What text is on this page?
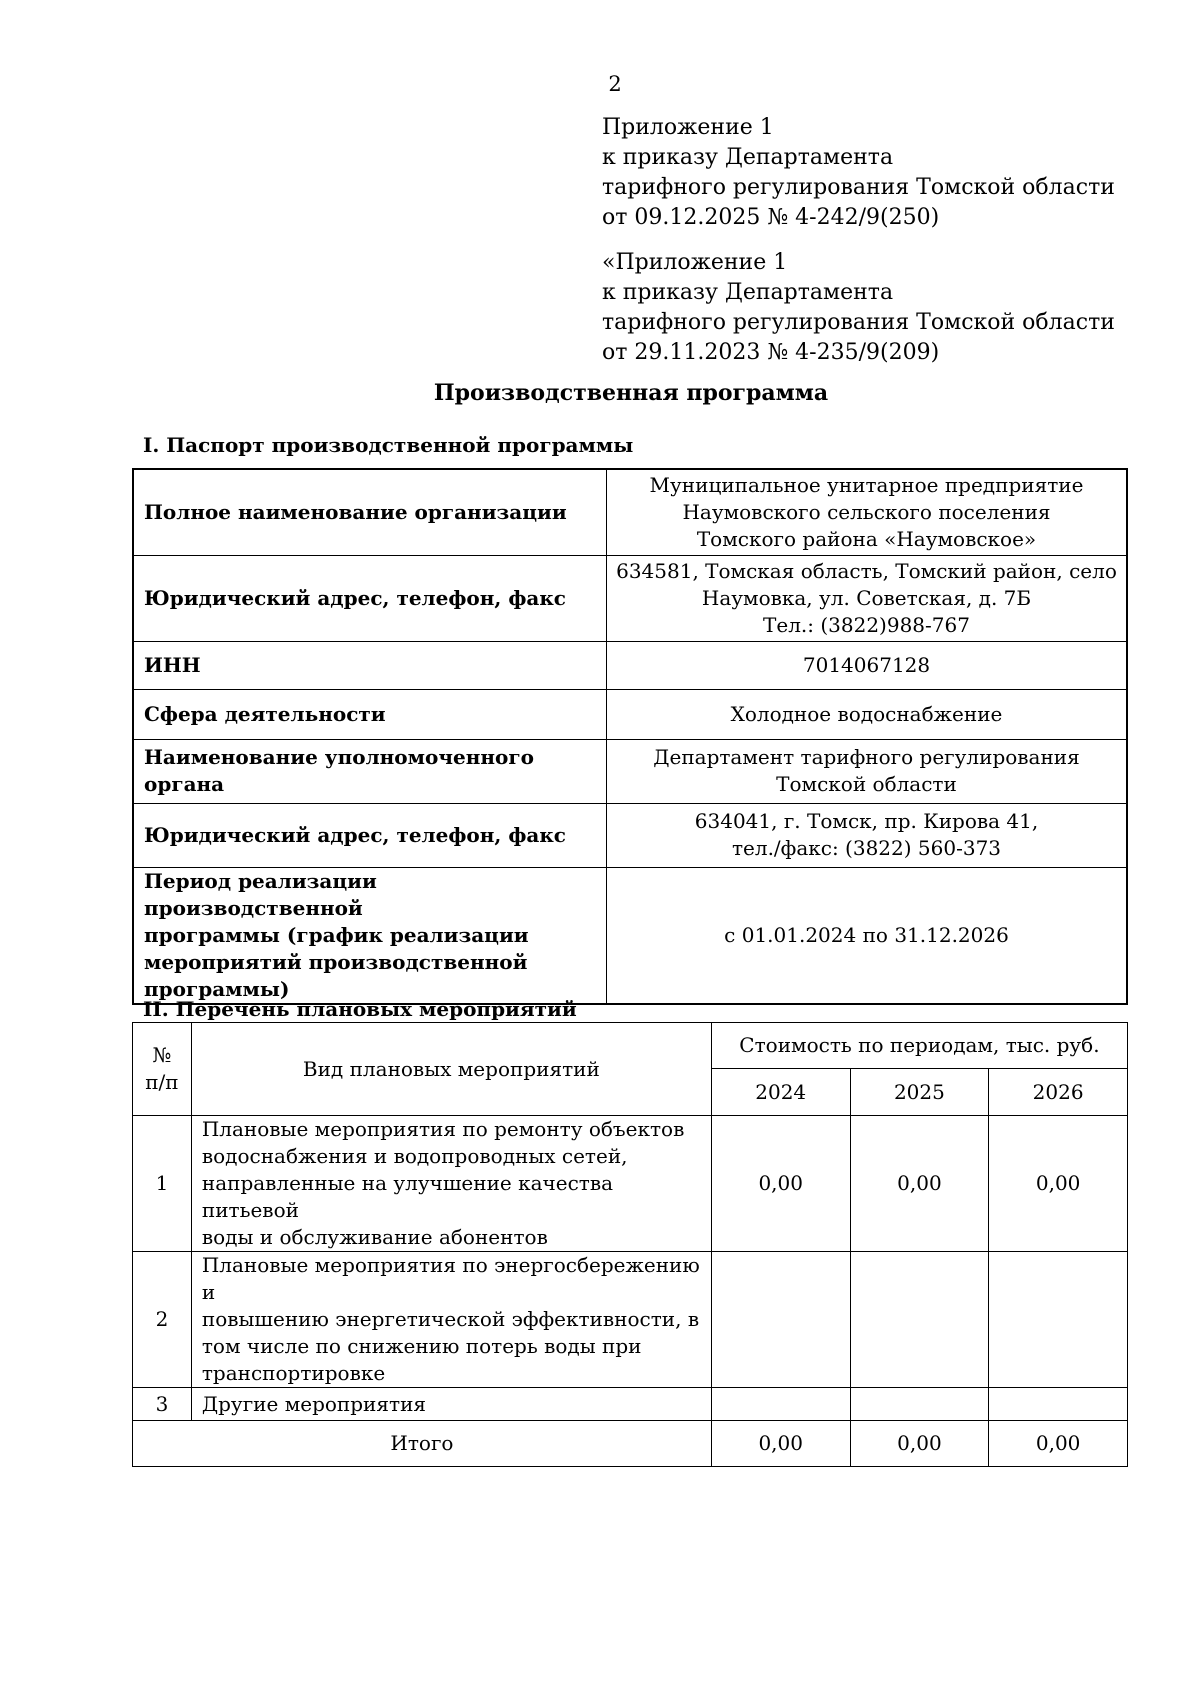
2
Приложение 1
к приказу Департамента
тарифного регулирования Томской области
от 09.12.2025 № 4-242/9(250)
«Приложение 1
к приказу Департамента
тарифного регулирования Томской области
от 29.11.2023 № 4-235/9(209)
Производственная программа
I. Паспорт производственной программы
Полное наименование организации	Муниципальное унитарное предприятие
Наумовского сельского поселения
Томского района «Наумовское»
Юридический адрес, телефон, факс	634581, Томская область, Томский район, село
Наумовка, ул. Советская, д. 7Б
Тел.: (3822)988-767
ИНН	7014067128
Сфера деятельности	Холодное водоснабжение
Наименование уполномоченного
органа	Департамент тарифного регулирования
Томской области
Юридический адрес, телефон, факс	634041, г. Томск, пр. Кирова 41,
тел./факс: (3822) 560-373
Период реализации производственной
программы (график реализации
мероприятий производственной
программы)	с 01.01.2024 по 31.12.2026
II. Перечень плановых мероприятий
№
п/п	Вид плановых мероприятий	Стоимость по периодам, тыс. руб.		
		2024	2025	2026
1	Плановые мероприятия по ремонту объектов
водоснабжения и водопроводных сетей,
направленные на улучшение качества питьевой
воды и обслуживание абонентов	0,00	0,00	0,00
2	Плановые мероприятия по энергосбережению и
повышению энергетической эффективности, в
том числе по снижению потерь воды при
транспортировке			
3	Другие мероприятия			
Итого		0,00	0,00	0,00
